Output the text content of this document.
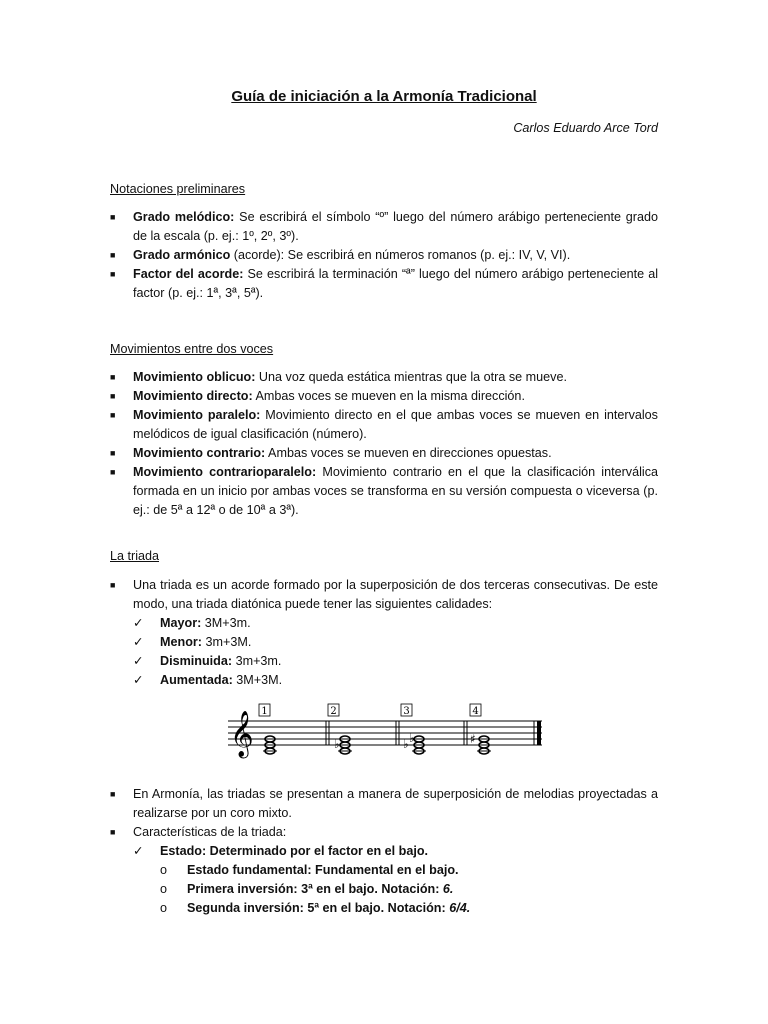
Guía de iniciación a la Armonía Tradicional
Carlos Eduardo Arce Tord
Notaciones preliminares
■ Grado melódico: Se escribirá el símbolo “º” luego del número arábigo perteneciente grado de la escala (p. ej.: 1º, 2º, 3º).
■ Grado armónico (acorde): Se escribirá en números romanos (p. ej.: IV, V, VI).
■ Factor del acorde: Se escribirá la terminación “ª” luego del número arábigo perteneciente al factor (p. ej.: 1ª, 3ª, 5ª).
Movimientos entre dos voces
■ Movimiento oblicuo: Una voz queda estática mientras que la otra se mueve.
■ Movimiento directo: Ambas voces se mueven en la misma dirección.
■ Movimiento paralelo: Movimiento directo en el que ambas voces se mueven en intervalos melódicos de igual clasificación (número).
■ Movimiento contrario: Ambas voces se mueven en direcciones opuestas.
■ Movimiento contrarioparalelo: Movimiento contrario en el que la clasificación interválica formada en un inicio por ambas voces se transforma en su versión compuesta o viceversa (p. ej.: de 5ª a 12ª o de 10ª a 3ª).
La triada
■ Una triada es un acorde formado por la superposición de dos terceras consecutivas. De este modo, una triada diatónica puede tener las siguientes calidades:
✓ Mayor: 3M+3m.
✓ Menor: 3m+3M.
✓ Disminuida: 3m+3m.
✓ Aumentada: 3M+3M.
𝄞 1	2	3	4
♭	♭ ♭	♯
■ En Armonía, las triadas se presentan a manera de superposición de melodias proyectadas a realizarse por un coro mixto.
■ Características de la triada:
✓ Estado: Determinado por el factor en el bajo.
o Estado fundamental: Fundamental en el bajo.
o Primera inversión: 3ª en el bajo. Notación: 6.
o Segunda inversión: 5ª en el bajo. Notación: 6/4.
